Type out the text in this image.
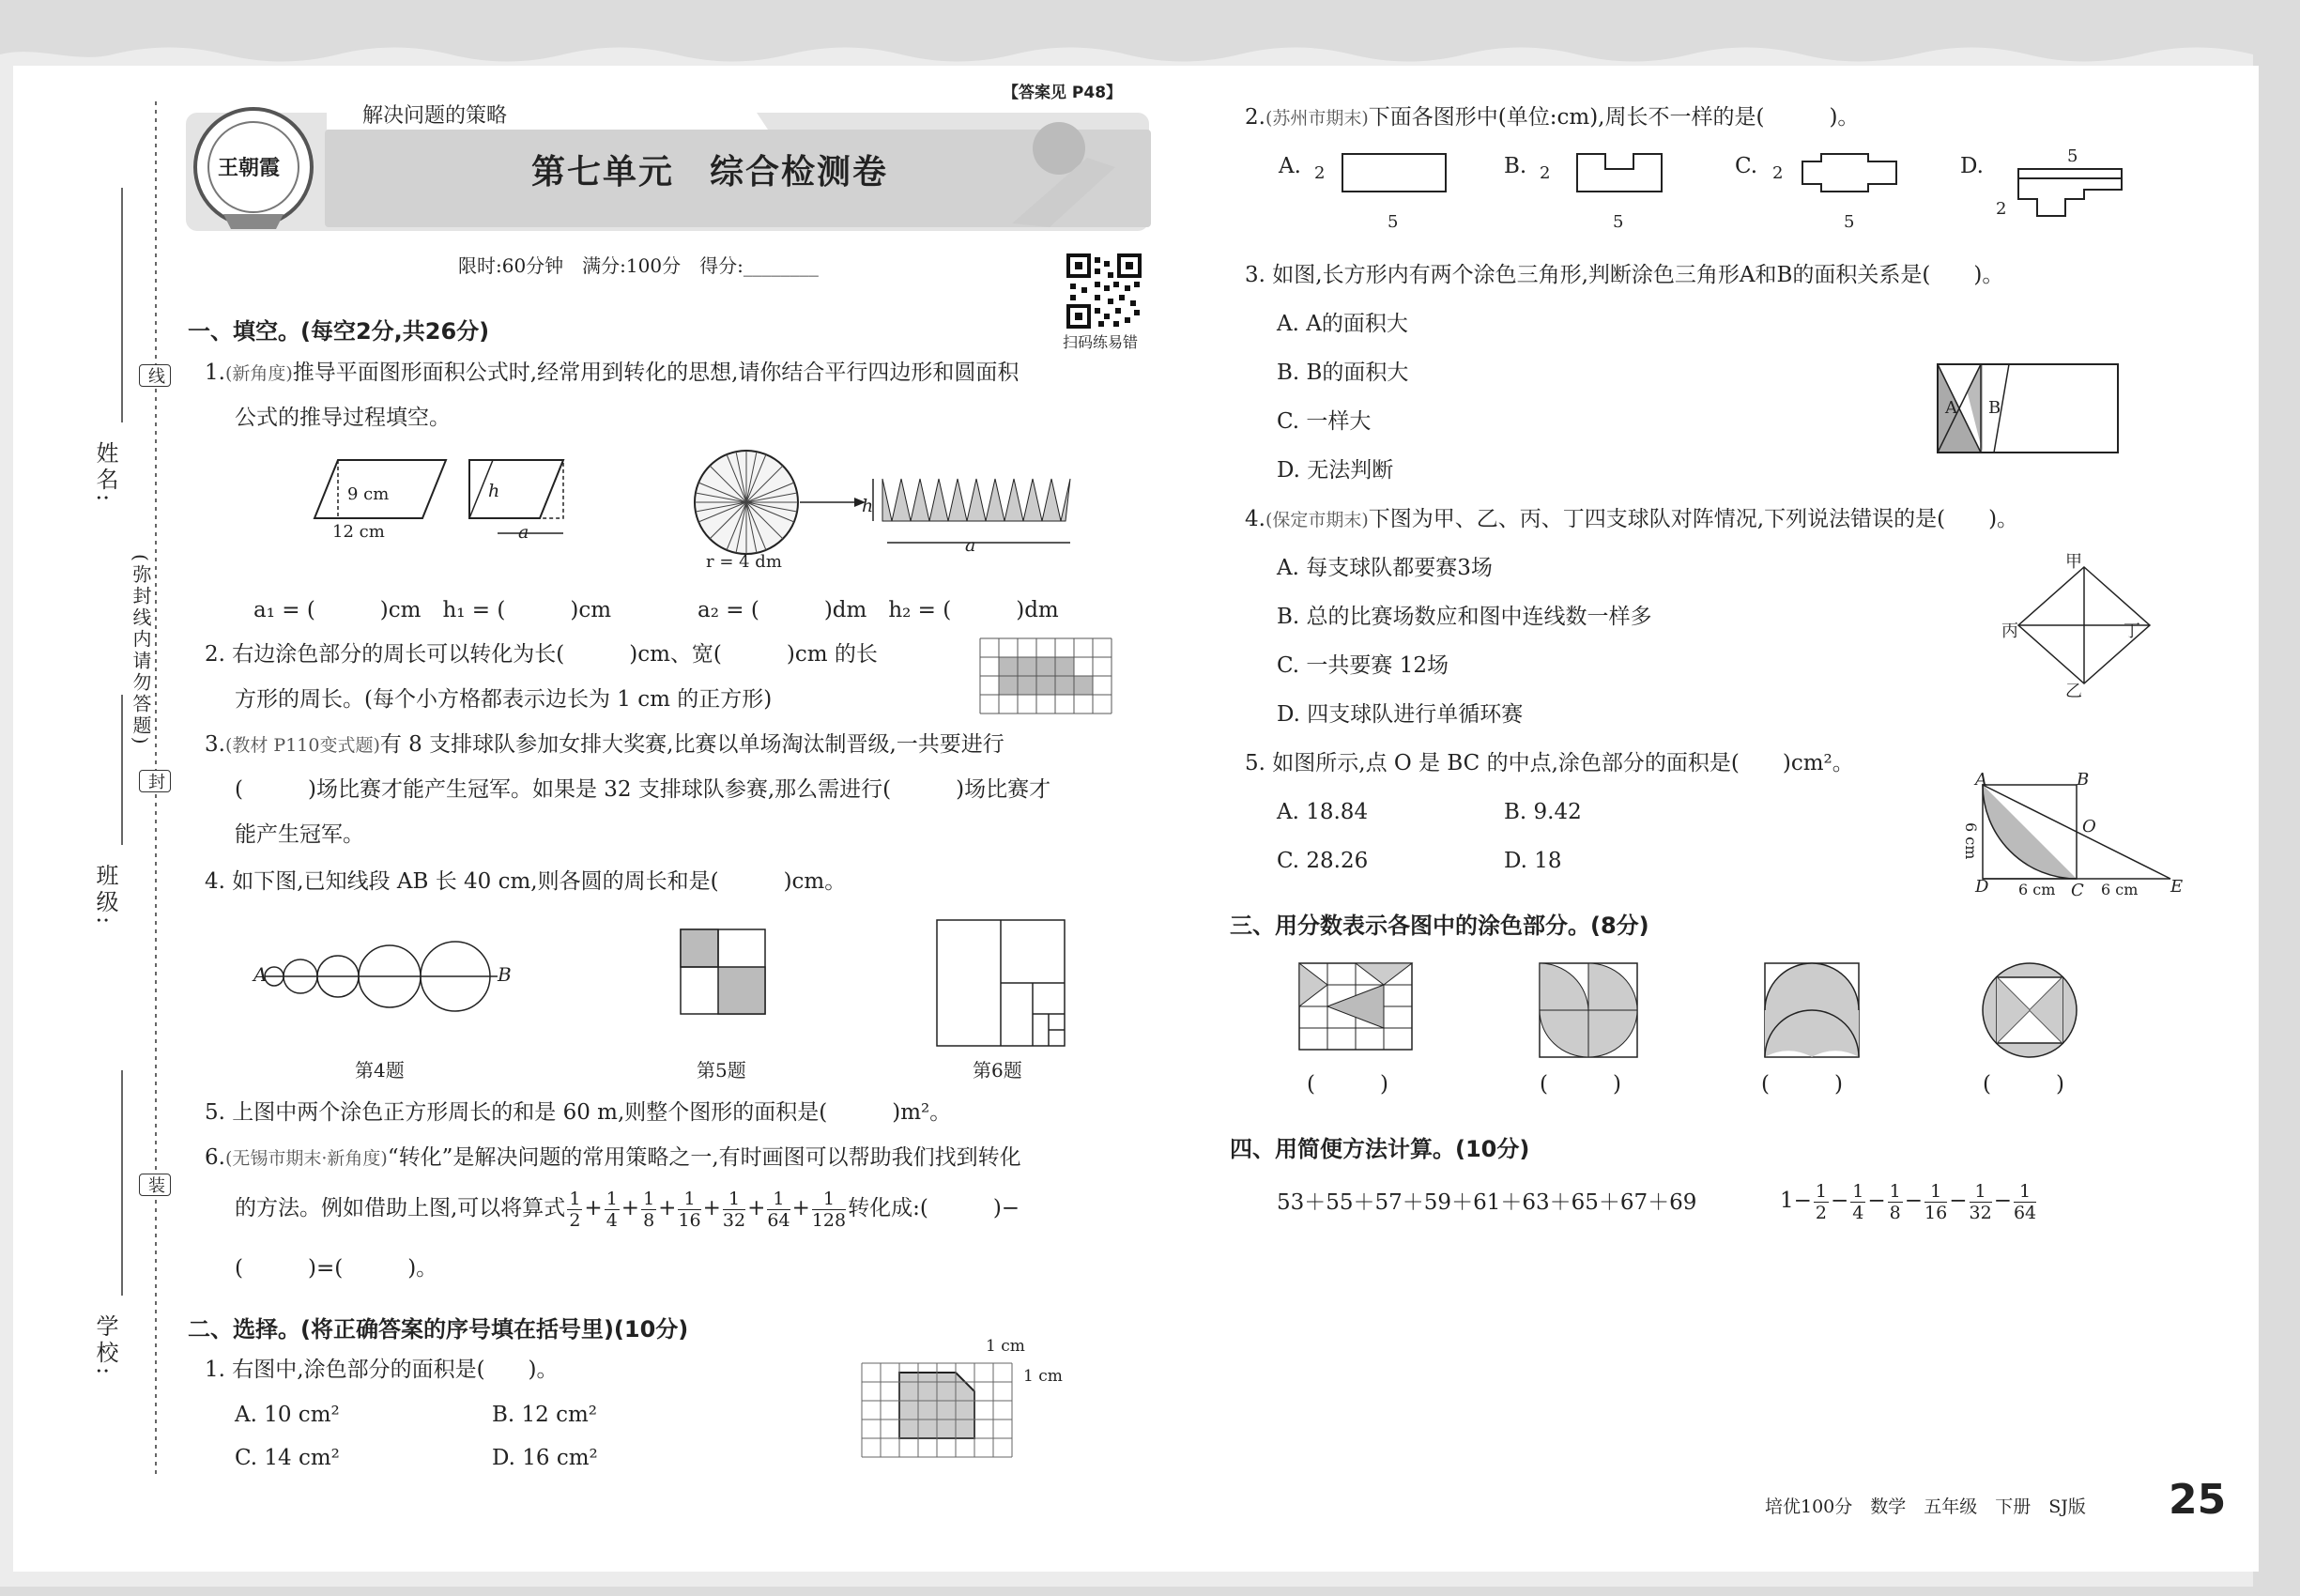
线
姓名:
(弥封线内请勿答题)
封
班级:
装
学校:
王朝霞
解决问题的策略
【答案见 P48】
第七单元　综合检测卷
扫码练易错
限时:60分钟　满分:100分　得分:________
一、填空。(每空2分,共26分)
1.(新角度)推导平面图形面积公式时,经常用到转化的思想,请你结合平行四边形和圆面积
公式的推导过程填空。
9 cm
12 cm
h
a
r = 4 dm
h
a
a₁ = (　　　)cm　h₁ = (　　　)cm　　　　a₂ = (　　　)dm　h₂ = (　　　)dm
2. 右边涂色部分的周长可以转化为长(　　　)cm、宽(　　　)cm 的长
方形的周长。(每个小方格都表示边长为 1 cm 的正方形)
3.(教材 P110变式题)有 8 支排球队参加女排大奖赛,比赛以单场淘汰制晋级,一共要进行
(　　　)场比赛才能产生冠军。如果是 32 支排球队参赛,那么需进行(　　　)场比赛才
能产生冠军。
4. 如下图,已知线段 AB 长 40 cm,则各圆的周长和是(　　　)cm。
A	B
第4题	第5题	第6题
5. 上图中两个涂色正方形周长的和是 60 m,则整个图形的面积是(　　　)m²。
6.(无锡市期末·新角度)“转化”是解决问题的常用策略之一,有时画图可以帮助我们找到转化
的方法。例如借助上图,可以将算式 $\frac{1}{2} + \frac{1}{4} + \frac{1}{8} + \frac{1}{16} + \frac{1}{32} + \frac{1}{64} + \frac{1}{128}$ 转化成:(　　　)−
(　　　)=(　　　)。
二、选择。(将正确答案的序号填在括号里)(10分)
1. 右图中,涂色部分的面积是(　　)。
A. 10 cm²	B. 12 cm²
C. 14 cm²	D. 16 cm²
1 cm
1 cm
2.(苏州市期末)下面各图形中(单位:cm),周长不一样的是(　　　)。
A.	B.	C.	D.
2
5
2
5
2
5
5
2
3. 如图,长方形内有两个涂色三角形,判断涂色三角形A和B的面积关系是(　　)。
A. A的面积大
B. B的面积大
C. 一样大
D. 无法判断
A B
4.(保定市期末)下图为甲、乙、丙、丁四支球队对阵情况,下列说法错误的是(　　)。
A. 每支球队都要赛3场
B. 总的比赛场数应和图中连线数一样多
C. 一共要赛 12场
D. 四支球队进行单循环赛
甲
丙	丁
乙
5. 如图所示,点 O 是 BC 的中点,涂色部分的面积是(　　)cm²。
A. 18.84	B. 9.42
C. 28.26	D. 18
A	B
O
D	C	E
6 cm
6 cm	6 cm
三、用分数表示各图中的涂色部分。(8分)
(　　　)	(　　　)	(　　　)	(　　　)
四、用简便方法计算。(10分)
53＋55＋57＋59＋61＋63＋65＋67＋69	$1- \frac{1}{2} - \frac{1}{4} - \frac{1}{8} - \frac{1}{16} - \frac{1}{32} - \frac{1}{64}$
培优100分　数学　五年级　下册　SJ版 25
